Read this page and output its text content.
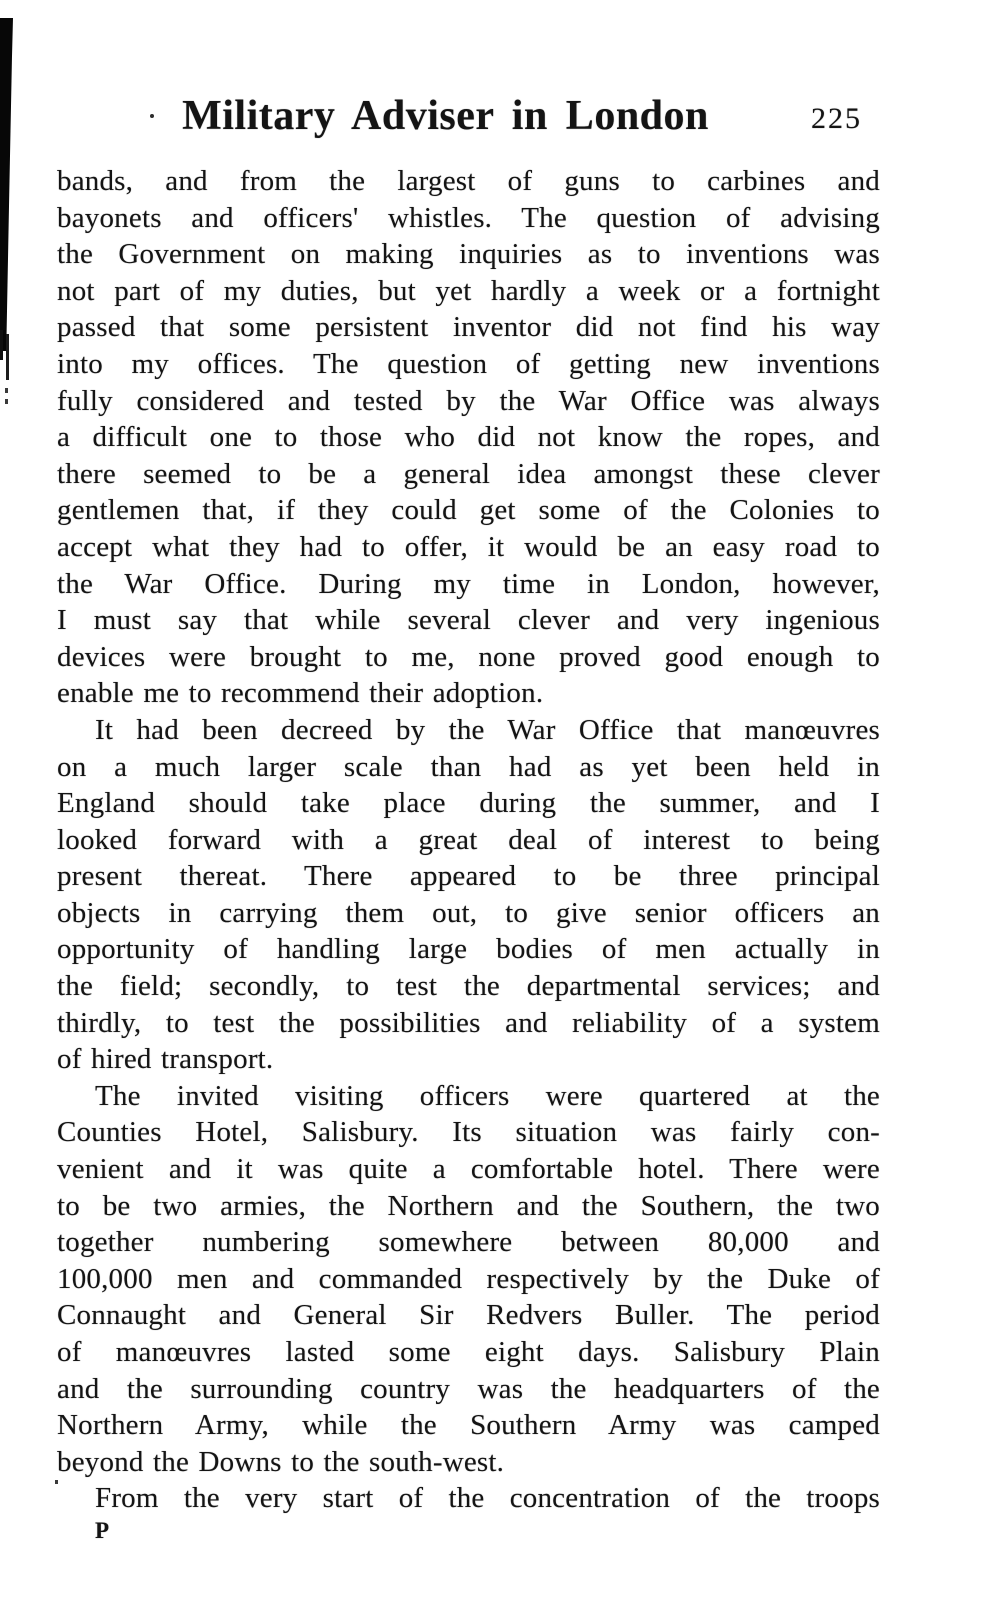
Military Adviser in London	225
bands, and from the largest of guns to carbines and
bayonets and officers' whistles. The question of advising
the Government on making inquiries as to inventions was
not part of my duties, but yet hardly a week or a fortnight
passed that some persistent inventor did not find his way
into my offices. The question of getting new inventions
fully considered and tested by the War Office was always
a difficult one to those who did not know the ropes, and
there seemed to be a general idea amongst these clever
gentlemen that, if they could get some of the Colonies to
accept what they had to offer, it would be an easy road to
the War Office. During my time in London, however,
I must say that while several clever and very ingenious
devices were brought to me, none proved good enough to
enable me to recommend their adoption.
It had been decreed by the War Office that manœuvres
on a much larger scale than had as yet been held in
England should take place during the summer, and I
looked forward with a great deal of interest to being
present thereat. There appeared to be three principal
objects in carrying them out, to give senior officers an
opportunity of handling large bodies of men actually in
the field; secondly, to test the departmental services; and
thirdly, to test the possibilities and reliability of a system
of hired transport.
The invited visiting officers were quartered at the
Counties Hotel, Salisbury. Its situation was fairly con-
venient and it was quite a comfortable hotel. There were
to be two armies, the Northern and the Southern, the two
together numbering somewhere between 80,000 and
100,000 men and commanded respectively by the Duke of
Connaught and General Sir Redvers Buller. The period
of manœuvres lasted some eight days. Salisbury Plain
and the surrounding country was the headquarters of the
Northern Army, while the Southern Army was camped
beyond the Downs to the south-west.
From the very start of the concentration of the troops
P
